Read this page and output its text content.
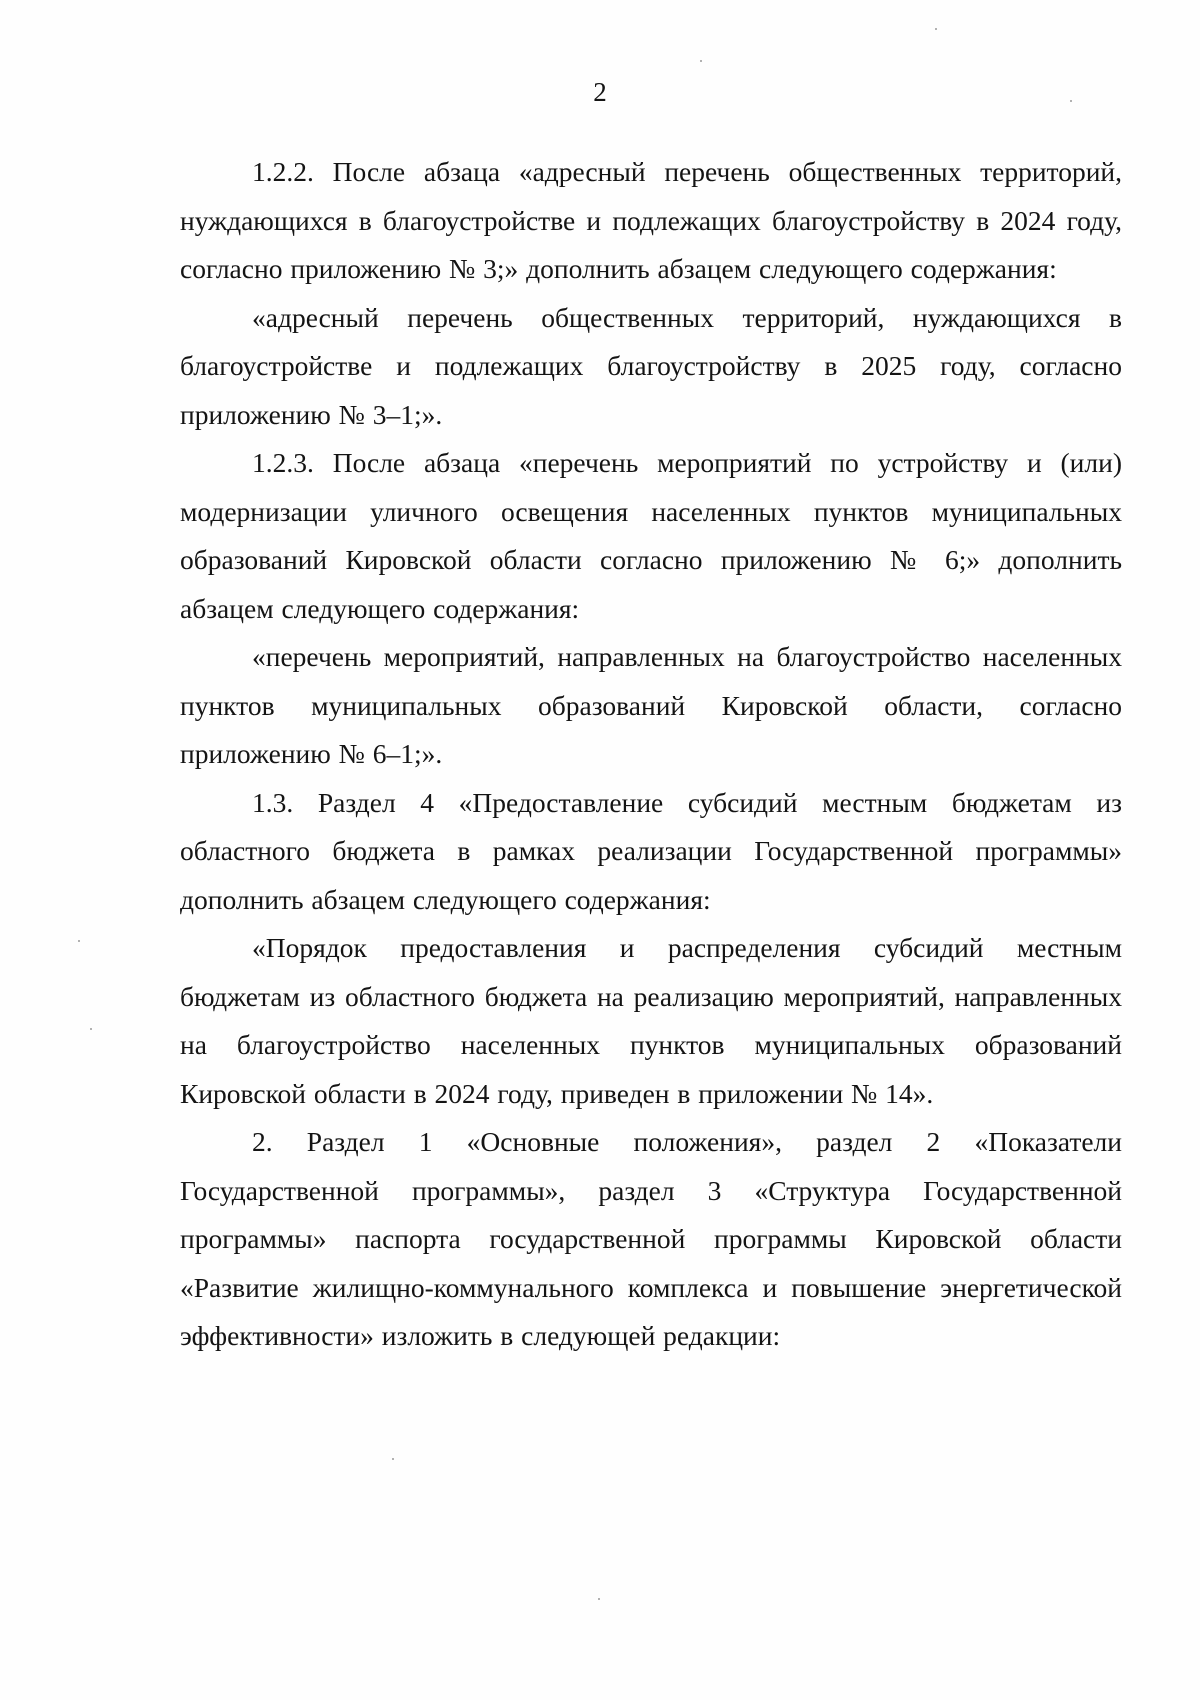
2

1.2.2. После абзаца «адресный перечень общественных территорий, нуждающихся в благоустройстве и подлежащих благоустройству в 2024 году, согласно приложению № 3;» дополнить абзацем следующего содержания:

«адресный перечень общественных территорий, нуждающихся в благоустройстве и подлежащих благоустройству в 2025 году, согласно приложению № 3–1;».

1.2.3. После абзаца «перечень мероприятий по устройству и (или) модернизации уличного освещения населенных пунктов муниципальных образований Кировской области согласно приложению № 6;» дополнить абзацем следующего содержания:

«перечень мероприятий, направленных на благоустройство населенных пунктов муниципальных образований Кировской области, согласно приложению № 6–1;».

1.3. Раздел 4 «Предоставление субсидий местным бюджетам из областного бюджета в рамках реализации Государственной программы» дополнить абзацем следующего содержания:

«Порядок предоставления и распределения субсидий местным бюджетам из областного бюджета на реализацию мероприятий, направленных на благоустройство населенных пунктов муниципальных образований Кировской области в 2024 году, приведен в приложении № 14».

2. Раздел 1 «Основные положения», раздел 2 «Показатели Государственной программы», раздел 3 «Структура Государственной программы» паспорта государственной программы Кировской области «Развитие жилищно-коммунального комплекса и повышение энергетической эффективности» изложить в следующей редакции:
